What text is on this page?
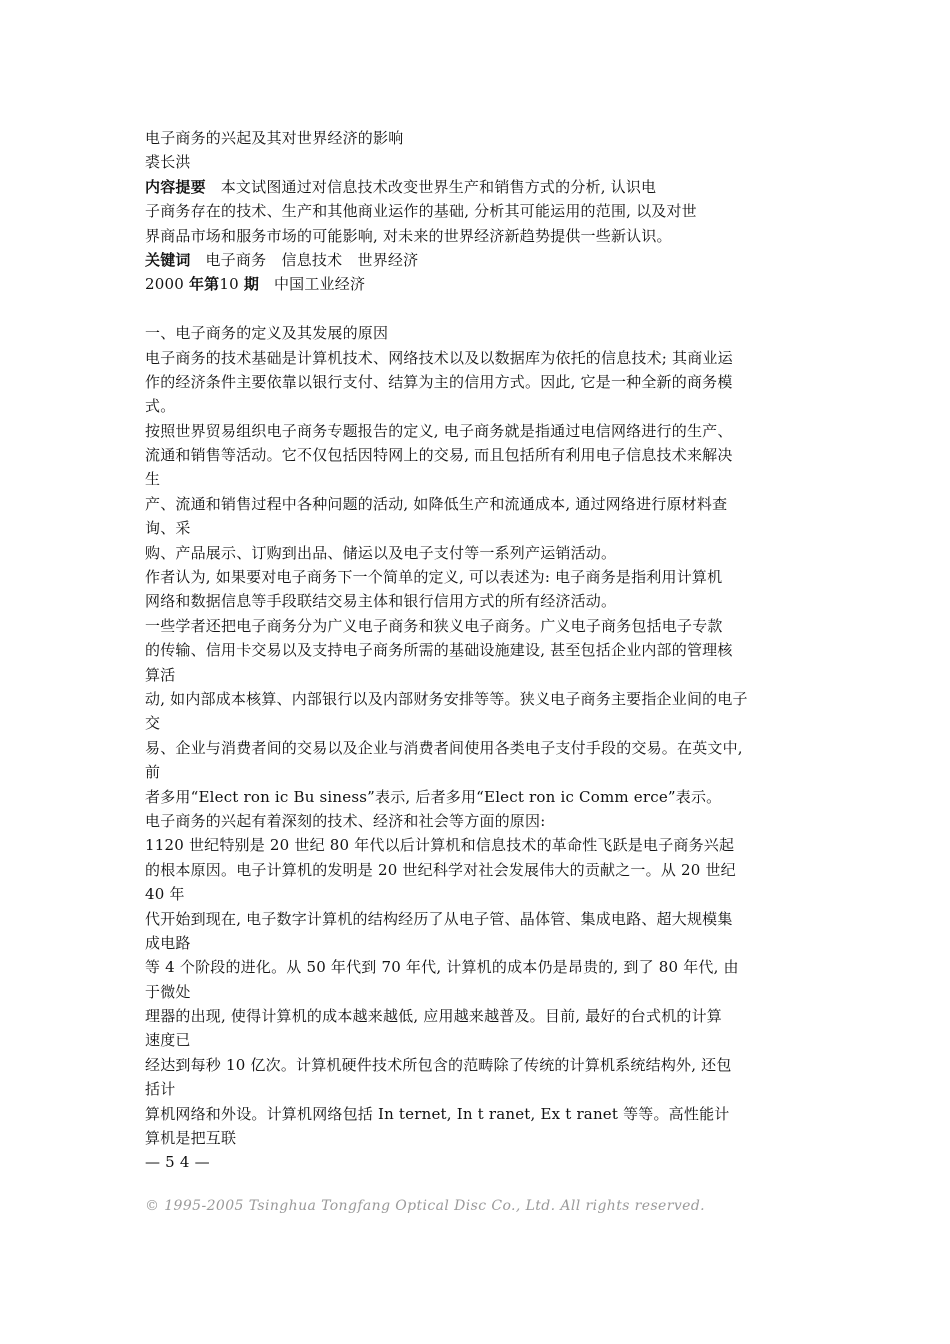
电子商务的兴起及其对世界经济的影响
裘长洪
内容提要 本文试图通过对信息技术改变世界生产和销售方式的分析, 认识电
子商务存在的技术、生产和其他商业运作的基础, 分析其可能运用的范围, 以及对世
界商品市场和服务市场的可能影响, 对未来的世界经济新趋势提供一些新认识。
关键词 电子商务　信息技术　世界经济
2000 年第10 期 中国工业经济
一、电子商务的定义及其发展的原因
电子商务的技术基础是计算机技术、网络技术以及以数据库为依托的信息技术; 其商业运
作的经济条件主要依靠以银行支付、结算为主的信用方式。因此, 它是一种全新的商务模
式。
按照世界贸易组织电子商务专题报告的定义, 电子商务就是指通过电信网络进行的生产、
流通和销售等活动。它不仅包括因特网上的交易, 而且包括所有利用电子信息技术来解决
生
产、流通和销售过程中各种问题的活动, 如降低生产和流通成本, 通过网络进行原材料查
询、采
购、产品展示、订购到出品、储运以及电子支付等一系列产运销活动。
作者认为, 如果要对电子商务下一个简单的定义, 可以表述为: 电子商务是指利用计算机
网络和数据信息等手段联结交易主体和银行信用方式的所有经济活动。
一些学者还把电子商务分为广义电子商务和狭义电子商务。广义电子商务包括电子专款
的传输、信用卡交易以及支持电子商务所需的基础设施建设, 甚至包括企业内部的管理核
算活
动, 如内部成本核算、内部银行以及内部财务安排等等。狭义电子商务主要指企业间的电子
交
易、企业与消费者间的交易以及企业与消费者间使用各类电子支付手段的交易。在英文中,
前
者多用“Elect ron ic Bu siness”表示, 后者多用“Elect ron ic Comm erce”表示。
电子商务的兴起有着深刻的技术、经济和社会等方面的原因:
1120 世纪特别是 20 世纪 80 年代以后计算机和信息技术的革命性飞跃是电子商务兴起
的根本原因。电子计算机的发明是 20 世纪科学对社会发展伟大的贡献之一。从 20 世纪
40 年
代开始到现在, 电子数字计算机的结构经历了从电子管、晶体管、集成电路、超大规模集
成电路
等 4 个阶段的进化。从 50 年代到 70 年代, 计算机的成本仍是昂贵的, 到了 80 年代, 由
于微处
理器的出现, 使得计算机的成本越来越低, 应用越来越普及。目前, 最好的台式机的计算
速度已
经达到每秒 10 亿次。计算机硬件技术所包含的范畴除了传统的计算机系统结构外, 还包
括计
算机网络和外设。计算机网络包括 In ternet, In t ranet, Ex t ranet 等等。高性能计
算机是把互联
— 5 4 —
© 1995-2005 Tsinghua Tongfang Optical Disc Co., Ltd. All rights reserved.
